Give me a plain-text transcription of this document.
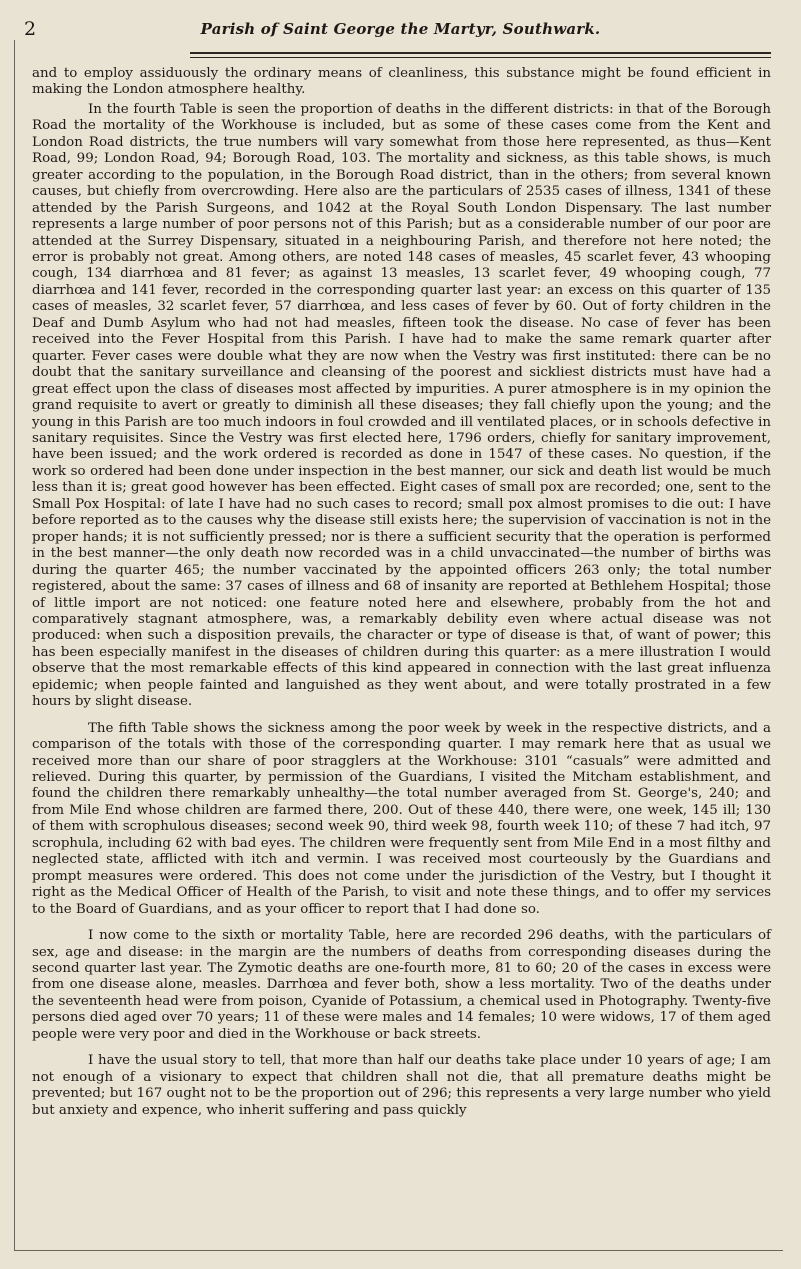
2	Parish of Saint George the Martyr, Southwark.

and to employ assiduously the ordinary means of cleanliness, this substance might be found efficient in making the London atmosphere healthy.

In the fourth Table is seen the proportion of deaths in the different districts: in that of the Borough Road the mortality of the Workhouse is included, but as some of these cases come from the Kent and London Road districts, the true numbers will vary somewhat from those here represented, as thus—Kent Road, 99; London Road, 94; Borough Road, 103. The mortality and sickness, as this table shows, is much greater according to the population, in the Borough Road district, than in the others; from several known causes, but chiefly from overcrowding. Here also are the particulars of 2535 cases of illness, 1341 of these attended by the Parish Surgeons, and 1042 at the Royal South London Dispensary. The last number represents a large number of poor persons not of this Parish; but as a considerable number of our poor are attended at the Surrey Dispensary, situated in a neighbouring Parish, and therefore not here noted; the error is probably not great. Among others, are noted 148 cases of measles, 45 scarlet fever, 43 whooping cough, 134 diarrhœa and 81 fever; as against 13 measles, 13 scarlet fever, 49 whooping cough, 77 diarrhœa and 141 fever, recorded in the corresponding quarter last year: an excess on this quarter of 135 cases of measles, 32 scarlet fever, 57 diarrhœa, and less cases of fever by 60. Out of forty children in the Deaf and Dumb Asylum who had not had measles, fifteen took the disease. No case of fever has been received into the Fever Hospital from this Parish. I have had to make the same remark quarter after quarter. Fever cases were double what they are now when the Vestry was first instituted: there can be no doubt that the sanitary surveillance and cleansing of the poorest and sickliest districts must have had a great effect upon the class of diseases most affected by impurities. A purer atmosphere is in my opinion the grand requisite to avert or greatly to diminish all these diseases; they fall chiefly upon the young; and the young in this Parish are too much indoors in foul crowded and ill ventilated places, or in schools defective in sanitary requisites. Since the Vestry was first elected here, 1796 orders, chiefly for sanitary improvement, have been issued; and the work ordered is recorded as done in 1547 of these cases. No question, if the work so ordered had been done under inspection in the best manner, our sick and death list would be much less than it is; great good however has been effected. Eight cases of small pox are recorded; one, sent to the Small Pox Hospital: of late I have had no such cases to record; small pox almost promises to die out: I have before reported as to the causes why the disease still exists here; the supervision of vaccination is not in the proper hands; it is not sufficiently pressed; nor is there a sufficient security that the operation is performed in the best manner—the only death now recorded was in a child unvaccinated—the number of births was during the quarter 465; the number vaccinated by the appointed officers 263 only; the total number registered, about the same: 37 cases of illness and 68 of insanity are reported at Bethlehem Hospital; those of little import are not noticed: one feature noted here and elsewhere, probably from the hot and comparatively stagnant atmosphere, was, a remarkably debility even where actual disease was not produced: when such a disposition prevails, the character or type of disease is that, of want of power; this has been especially manifest in the diseases of children during this quarter: as a mere illustration I would observe that the most remarkable effects of this kind appeared in connection with the last great influenza epidemic; when people fainted and languished as they went about, and were totally prostrated in a few hours by slight disease.

The fifth Table shows the sickness among the poor week by week in the respective districts, and a comparison of the totals with those of the corresponding quarter. I may remark here that as usual we received more than our share of poor stragglers at the Workhouse: 3101 “casuals” were admitted and relieved. During this quarter, by permission of the Guardians, I visited the Mitcham establishment, and found the children there remarkably unhealthy—the total number averaged from St. George's, 240; and from Mile End whose children are farmed there, 200. Out of these 440, there were, one week, 145 ill; 130 of them with scrophulous diseases; second week 90, third week 98, fourth week 110; of these 7 had itch, 97 scrophula, including 62 with bad eyes. The children were frequently sent from Mile End in a most filthy and neglected state, afflicted with itch and vermin. I was received most courteously by the Guardians and prompt measures were ordered. This does not come under the jurisdiction of the Vestry, but I thought it right as the Medical Officer of Health of the Parish, to visit and note these things, and to offer my services to the Board of Guardians, and as your officer to report that I had done so.

I now come to the sixth or mortality Table, here are recorded 296 deaths, with the particulars of sex, age and disease: in the margin are the numbers of deaths from corresponding diseases during the second quarter last year. The Zymotic deaths are one-fourth more, 81 to 60; 20 of the cases in excess were from one disease alone, measles. Darrhœa and fever both, show a less mortality. Two of the deaths under the seventeenth head were from poison, Cyanide of Potassium, a chemical used in Photography. Twenty-five persons died aged over 70 years; 11 of these were males and 14 females; 10 were widows, 17 of them aged people were very poor and died in the Workhouse or back streets.

I have the usual story to tell, that more than half our deaths take place under 10 years of age; I am not enough of a visionary to expect that children shall not die, that all premature deaths might be prevented; but 167 ought not to be the proportion out of 296; this represents a very large number who yield but anxiety and expence, who inherit suffering and pass quickly
